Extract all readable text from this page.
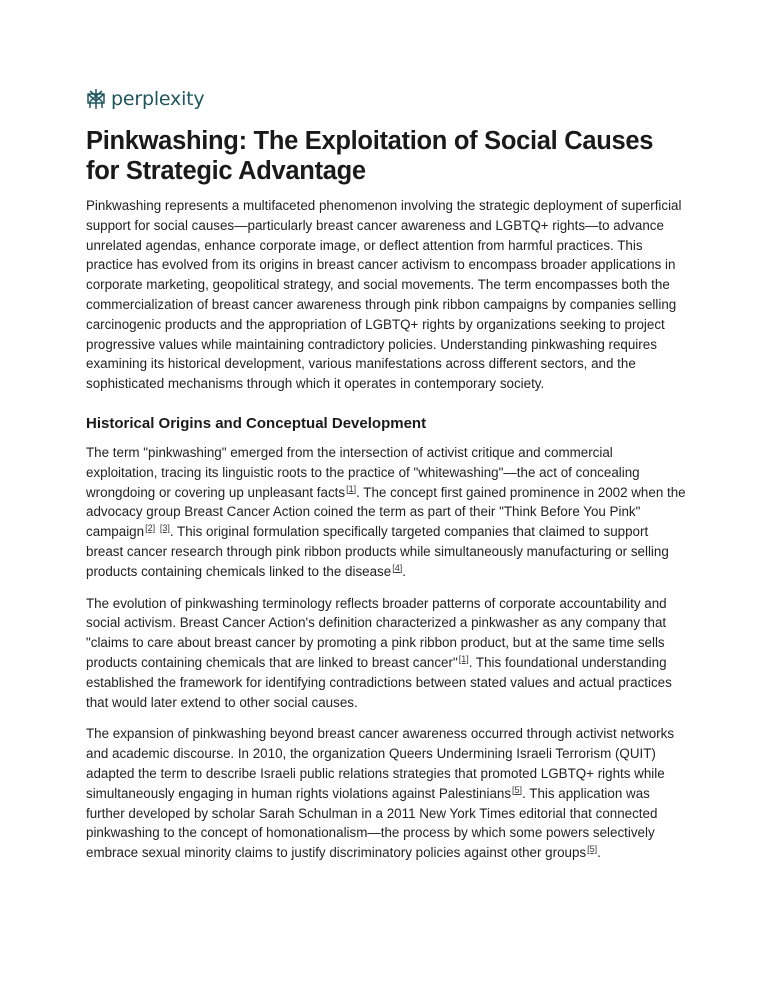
perplexity
Pinkwashing: The Exploitation of Social Causes for Strategic Advantage

Pinkwashing represents a multifaceted phenomenon involving the strategic deployment of superficial support for social causes—particularly breast cancer awareness and LGBTQ+ rights—to advance unrelated agendas, enhance corporate image, or deflect attention from harmful practices. This practice has evolved from its origins in breast cancer activism to encompass broader applications in corporate marketing, geopolitical strategy, and social movements. The term encompasses both the commercialization of breast cancer awareness through pink ribbon campaigns by companies selling carcinogenic products and the appropriation of LGBTQ+ rights by organizations seeking to project progressive values while maintaining contradictory policies. Understanding pinkwashing requires examining its historical development, various manifestations across different sectors, and the sophisticated mechanisms through which it operates in contemporary society.

Historical Origins and Conceptual Development

The term "pinkwashing" emerged from the intersection of activist critique and commercial exploitation, tracing its linguistic roots to the practice of "whitewashing"—the act of concealing wrongdoing or covering up unpleasant facts[1]. The concept first gained prominence in 2002 when the advocacy group Breast Cancer Action coined the term as part of their "Think Before You Pink" campaign[2] [3]. This original formulation specifically targeted companies that claimed to support breast cancer research through pink ribbon products while simultaneously manufacturing or selling products containing chemicals linked to the disease[4].

The evolution of pinkwashing terminology reflects broader patterns of corporate accountability and social activism. Breast Cancer Action's definition characterized a pinkwasher as any company that "claims to care about breast cancer by promoting a pink ribbon product, but at the same time sells products containing chemicals that are linked to breast cancer"[1]. This foundational understanding established the framework for identifying contradictions between stated values and actual practices that would later extend to other social causes.

The expansion of pinkwashing beyond breast cancer awareness occurred through activist networks and academic discourse. In 2010, the organization Queers Undermining Israeli Terrorism (QUIT) adapted the term to describe Israeli public relations strategies that promoted LGBTQ+ rights while simultaneously engaging in human rights violations against Palestinians[5]. This application was further developed by scholar Sarah Schulman in a 2011 New York Times editorial that connected pinkwashing to the concept of homonationalism—the process by which some powers selectively embrace sexual minority claims to justify discriminatory policies against other groups[5].
